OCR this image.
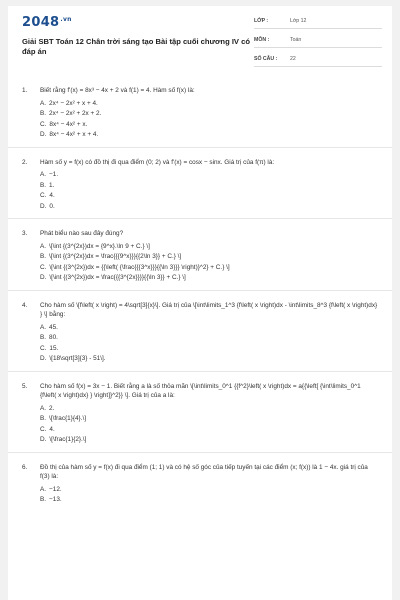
$2048^{.vn}$
Giải SBT Toán 12 Chân trời sáng tạo Bài tập cuối chương IV có đáp án
LỚP :	Lớp 12
MÔN :	Toán
SỐ CÂU : 22
1.	Biết rằng f'(x) = 8x³ − 4x + 2 và f(1) = 4. Hàm số f(x) là:
A. 2x⁴ − 2x² + x + 4.
B. 2x⁴ − 2x² + 2x + 2.
C. 8x⁴ − 4x² + x.
D. 8x⁴ − 4x² + x + 4.
2.	Hàm số y = f(x) có đồ thị đi qua điểm (0; 2) và f'(x) = cosx − sinx. Giá trị của f(π) là:
A. −1.
B. 1.
C. 4.
D. 0.
3.	Phát biểu nào sau đây đúng?
A. \[\int {(3^{2x})dx = {9^x}.\ln 9 + C.} \]
B. \[\int {(3^{2x})dx = \frac{{{9^x}}}{{2\ln 3}} + C.} \]
C. \[\int {(3^{2x})dx = {{\left( {\frac{{{3^x}}}{{\ln 3}}} \right)}^2} + C.} \]
D. \[\int {(3^{2x})dx = \frac{{{3^{2x}}}}{{\ln 3}} + C.} \]
4.	Cho hàm số \[f\left( x \right) = 4\sqrt[3]{x}\]. Giá trị của \[\int\limits_1^3 {f\left( x \right)dx - \int\limits_8^3 {f\left( x \right)dx} } \] bằng:
A. 45.
B. 80.
C. 15.
D. \[18\sqrt[3]{3} - 51\].
5.	Cho hàm số f(x) = 3x − 1. Biết rằng a là số thỏa mãn \[\int\limits_0^1 {{f^2}\left( x \right)dx = a{{\left[ {\int\limits_0^1 {f\left( x \right)dx} } \right]}^2}} \]. Giá trị của a là:
A. 2.
B. \[\frac{1}{4}.\]
C. 4.
D. \[\frac{1}{2}.\]
6.	Đồ thị của hàm số y = f(x) đi qua điểm (1; 1) và có hệ số góc của tiếp tuyến tại các điểm (x; f(x)) là 1 − 4x. giá trị của f(3) là:
A. −12.
B. −13.
